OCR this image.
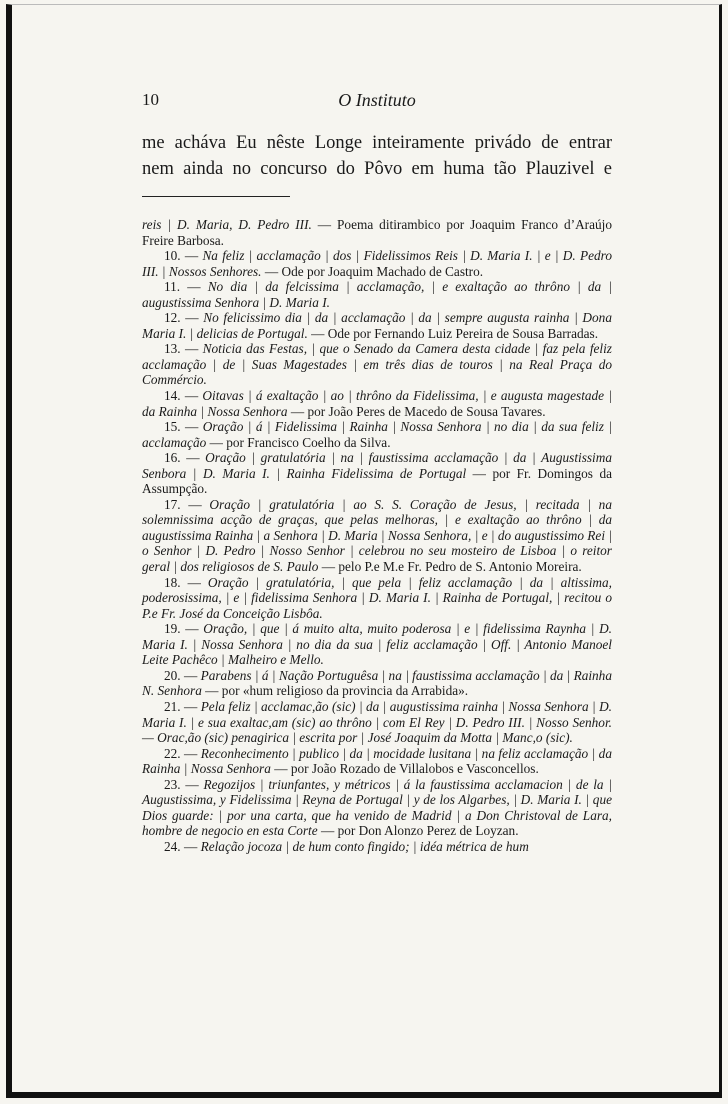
10	O Instituto
me acháva Eu nêste Longe inteiramente privádo de entrar
nem ainda no concurso do Pôvo em huma tão Plauzivel e

reis | D. Maria, D. Pedro III. — Poema ditirambico por Joaquim Franco d’Araújo Freire Barbosa.

10. — Na feliz | acclamação | dos | Fidelissimos Reis | D. Maria I. | e | D. Pedro III. | Nossos Senhores. — Ode por Joaquim Machado de Castro.

11. — No dia | da felcissima | acclamação, | e exaltação ao thrôno | da | augustissima Senhora | D. Maria I.

12. — No felicissimo dia | da | acclamação | da | sempre augusta rainha | Dona Maria I. | delicias de Portugal. — Ode por Fernando Luiz Pereira de Sousa Barradas.

13. — Noticia das Festas, | que o Senado da Camera desta cidade | faz pela feliz acclamação | de | Suas Magestades | em três dias de touros | na Real Praça do Commércio.

14. — Oitavas | á exaltação | ao | thrôno da Fidelissima, | e augusta magestade | da Rainha | Nossa Senhora — por João Peres de Macedo de Sousa Tavares.

15. — Oração | á | Fidelissima | Rainha | Nossa Senhora | no dia | da sua feliz | acclamação — por Francisco Coelho da Silva.

16. — Oração | gratulatória | na | faustissima acclamação | da | Augustissima Senbora | D. Maria I. | Rainha Fidelissima de Portugal — por Fr. Domingos da Assumpção.

17. — Oração | gratulatória | ao S. S. Coração de Jesus, | recitada | na solemnissima acção de graças, que pelas melhoras, | e exaltação ao thrôno | da augustissima Rainha | a Senhora | D. Maria | Nossa Senhora, | e | do augustissimo Rei | o Senhor | D. Pedro | Nosso Senhor | celebrou no seu mosteiro de Lisboa | o reitor geral | dos religiosos de S. Paulo — pelo P.e M.e Fr. Pedro de S. Antonio Moreira.

18. — Oração | gratulatória, | que pela | feliz acclamação | da | altissima, poderosissima, | e | fidelissima Senhora | D. Maria I. | Rainha de Portugal, | recitou o P.e Fr. José da Conceição Lisbôa.

19. — Oração, | que | á muito alta, muito poderosa | e | fidelissima Raynha | D. Maria I. | Nossa Senhora | no dia da sua | feliz acclamação | Off. | Antonio Manoel Leite Pachêco | Malheiro e Mello.

20. — Parabens | á | Nação Portuguêsa | na | faustissima acclamação | da | Rainha N. Senhora — por «hum religioso da provincia da Arrabida».

21. — Pela feliz | acclamac,ão (sic) | da | augustissima rainha | Nossa Senhora | D. Maria I. | e sua exaltac,am (sic) ao thrôno | com El Rey | D. Pedro III. | Nosso Senhor. — Orac,ão (sic) penagirica | escrita por | José Joaquim da Motta | Manc,o (sic).

22. — Reconhecimento | publico | da | mocidade lusitana | na feliz acclamação | da Rainha | Nossa Senhora — por João Rozado de Villalobos e Vasconcellos.

23. — Regozijos | triunfantes, y métricos | á la faustissima acclamacion | de la | Augustissima, y Fidelissima | Reyna de Portugal | y de los Algarbes, | D. Maria I. | que Dios guarde: | por una carta, que ha venido de Madrid | a Don Christoval de Lara, hombre de negocio en esta Corte — por Don Alonzo Perez de Loyzan.

24. — Relação jocoza | de hum conto fingido; | idéa métrica de hum
